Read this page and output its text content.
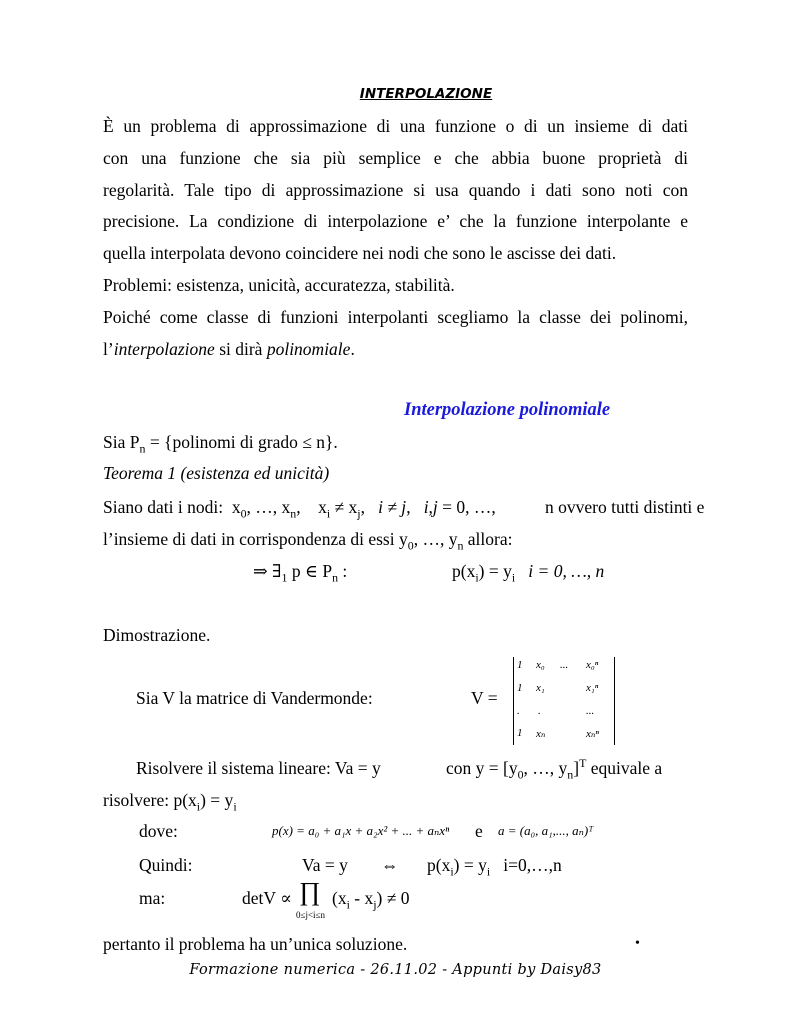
INTERPOLAZIONE
È un problema di approssimazione di una funzione o di un insieme di dati
con una funzione che sia più semplice e che abbia buone proprietà di
regolarità. Tale tipo di approssimazione si usa quando i dati sono noti con
precisione. La condizione di interpolazione e’ che la funzione interpolante e
quella interpolata devono coincidere nei nodi che sono le ascisse dei dati.
Problemi: esistenza, unicità, accuratezza, stabilità.
Poiché come classe di funzioni interpolanti scegliamo la classe dei polinomi,
l’interpolazione si dirà polinomiale.
Interpolazione polinomiale
Sia $P_n$ = {polinomi di grado ≤ n}.
Teorema 1 (esistenza ed unicità)
Siano dati i nodi:  $x_0$, …, $x_n$,    $x_i \ne x_j$,   i ≠ j,   i,j = 0, …,	n ovvero tutti distinti e
l’insieme di dati in corrispondenza di essi $y_0$, …, $y_n$ allora:
⇒ $\exists_1$ p ∈ $P_n$ :	$p(x_i) = y_i$ i = 0, …, n
Dimostrazione.
Sia V la matrice di Vandermonde:	V =
1 x₀ ... x₀ⁿ
1 x₁	x₁ⁿ
. .	...
1 xₙ	xₙⁿ
Risolvere il sistema lineare: Va = y	con $y = [y_0$, …, $y_n]^T$ equivale a
risolvere: $p(x_i) = y_i$
dove:	p(x) = a₀ + a₁x + a₂x² + ... + aₙxⁿ e a = (a₀, a₁,..., aₙ)ᵀ
Quindi:	Va = y ⇔ $p(x_i) = y_i$ i=0,…,n
ma:	detV ∝ ∏
0≤j<i≤n
$(x_i - x_j) \ne 0$
pertanto il problema ha un’unica soluzione.	•
Formazione numerica - 26.11.02 - Appunti by Daisy83
